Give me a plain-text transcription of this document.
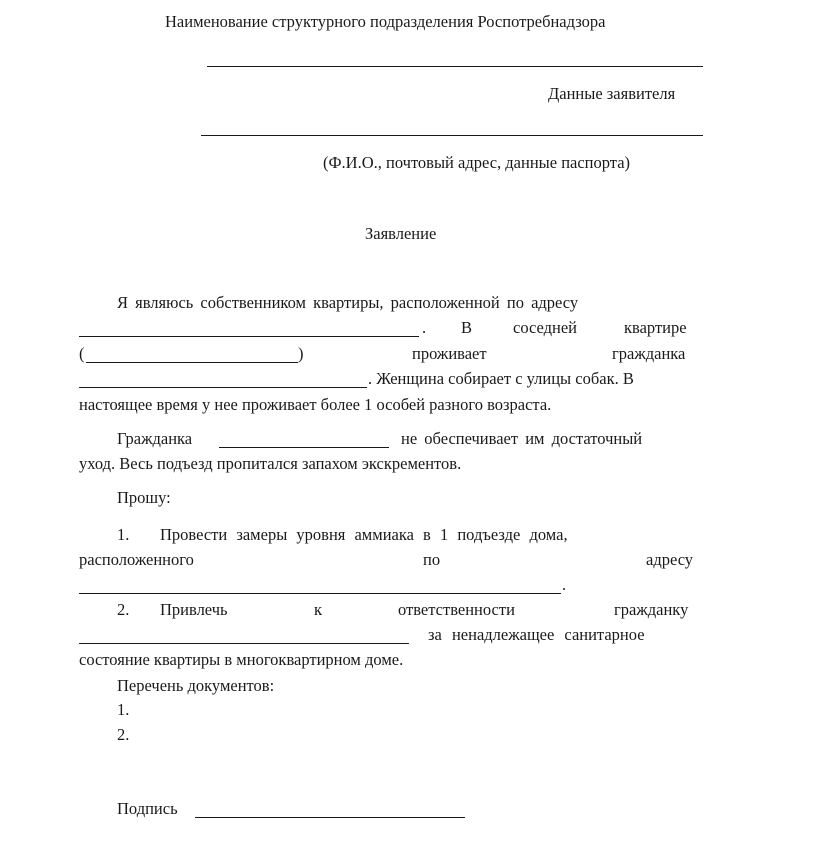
Наименование структурного подразделения Роспотребнадзора
Данные заявителя
(Ф.И.О., почтовый адрес, данные паспорта)
Заявление
Я являюсь собственником квартиры, расположенной по адресу
. В соседней	квартире
(	)	проживает	гражданка
. Женщина собирает с улицы собак. В
настоящее время у нее проживает более 1 особей разного возраста.
Гражданка	не обеспечивает им достаточный
уход. Весь подъезд пропитался запахом экскрементов.
Прошу:
1. Провести замеры уровня аммиака в 1 подъезде дома,
расположенного	по	адресу
.
2. Привлечь	к	ответственности	гражданку
за ненадлежащее санитарное
состояние квартиры в многоквартирном доме.
Перечень документов:
1.
2.
Подпись
